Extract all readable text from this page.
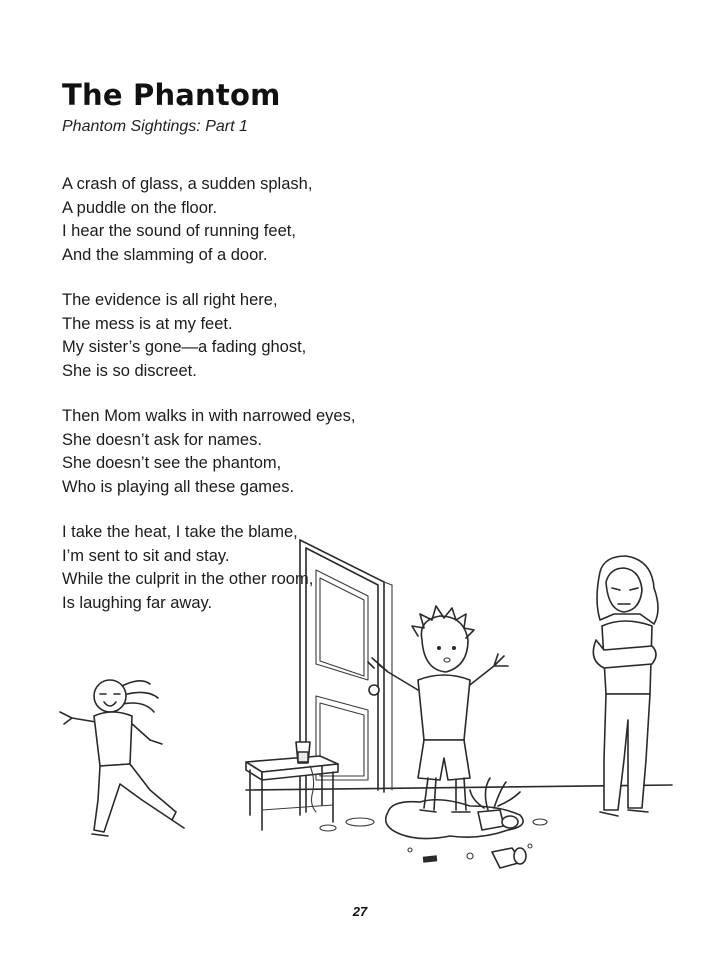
The Phantom
Phantom Sightings: Part 1
A crash of glass, a sudden splash,
A puddle on the floor.
I hear the sound of running feet,
And the slamming of a door.
The evidence is all right here,
The mess is at my feet.
My sister’s gone—a fading ghost,
She is so discreet.
Then Mom walks in with narrowed eyes,
She doesn’t ask for names.
She doesn’t see the phantom,
Who is playing all these games.
I take the heat, I take the blame,
I’m sent to sit and stay.
While the culprit in the other room,
Is laughing far away.
27
